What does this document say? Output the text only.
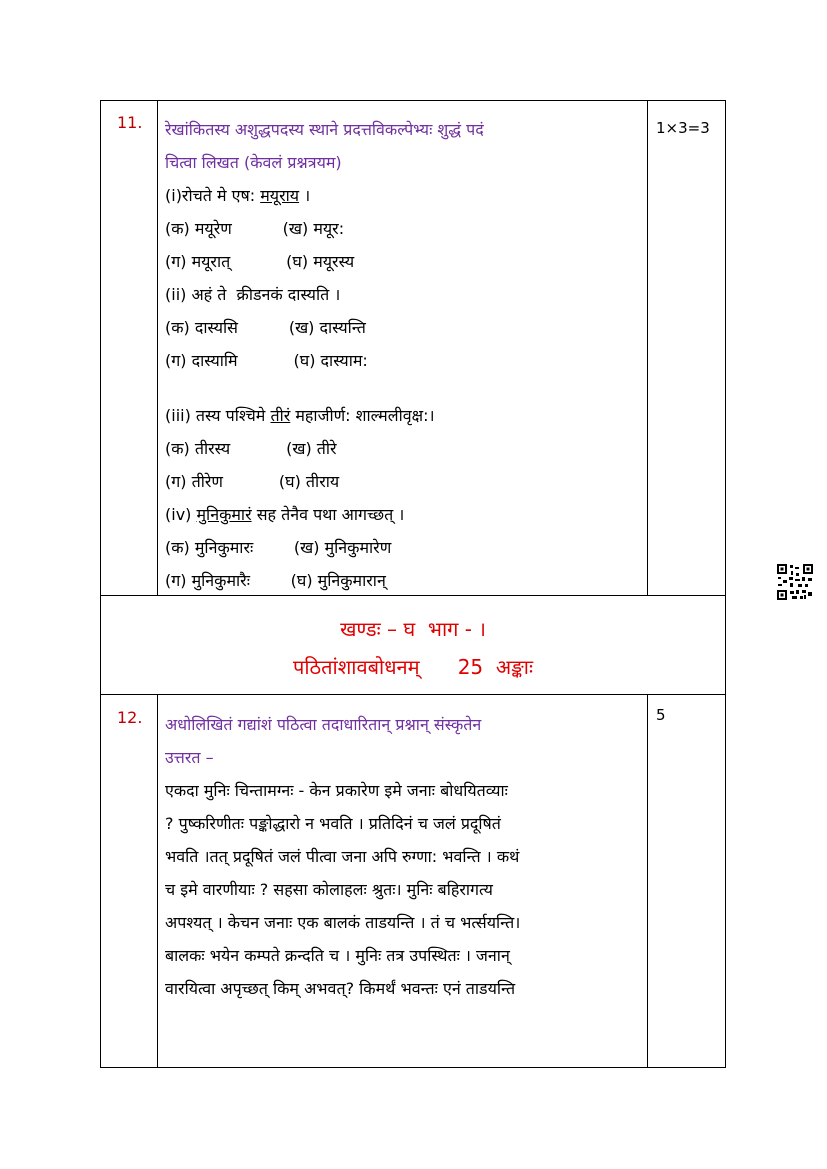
11.	1×3=3
रेखांकितस्य अशुद्धपदस्य स्थाने प्रदत्तविकल्पेभ्यः शुद्धं पदं
चित्वा लिखत (केवलं प्रश्नत्रयम)
(i)रोचते मे एष: मयूराय ।
(क) मयूरेण          (ख) मयूर:
(ग) मयूरात्           (घ) मयूरस्य
(ii) अहं ते  क्रीडनकं दास्यति ।
(क) दास्यसि          (ख) दास्यन्ति
(ग) दास्यामि           (घ) दास्याम:
(iii) तस्य पश्चिमे तीरं महाजीर्ण: शाल्मलीवृक्ष:।
(क) तीरस्य           (ख) तीरे
(ग) तीरेण           (घ) तीराय
(iv) मुनिकुमारं सह तेनैव पथा आगच्छत् ।
(क) मुनिकुमारः        (ख) मुनिकुमारेण
(ग) मुनिकुमारैः        (घ) मुनिकुमारान्
खण्डः – घ  भाग - ।
पठितांशावबोधनम्      25  अङ्काः
12.	5
अधोलिखितं गद्यांशं पठित्वा तदाधारितान् प्रश्नान् संस्कृतेन
उत्तरत –
एकदा मुनिः चिन्तामग्नः - केन प्रकारेण इमे जनाः बोधयितव्याः
? पुष्करिणीतः पङ्कोद्धारो न भवति । प्रतिदिनं च जलं प्रदूषितं
भवति ।तत् प्रदूषितं जलं पीत्वा जना अपि रुग्णा: भवन्ति । कथं
च इमे वारणीयाः ? सहसा कोलाहलः श्रुतः। मुनिः बहिरागत्य
अपश्यत् । केचन जनाः एक बालकं ताडयन्ति । तं च भर्त्सयन्ति।
बालकः भयेन कम्पते क्रन्दति च । मुनिः तत्र उपस्थितः । जनान्
वारयित्वा अपृच्छत् किम् अभवत्? किमर्थं भवन्तः एनं ताडयन्ति
